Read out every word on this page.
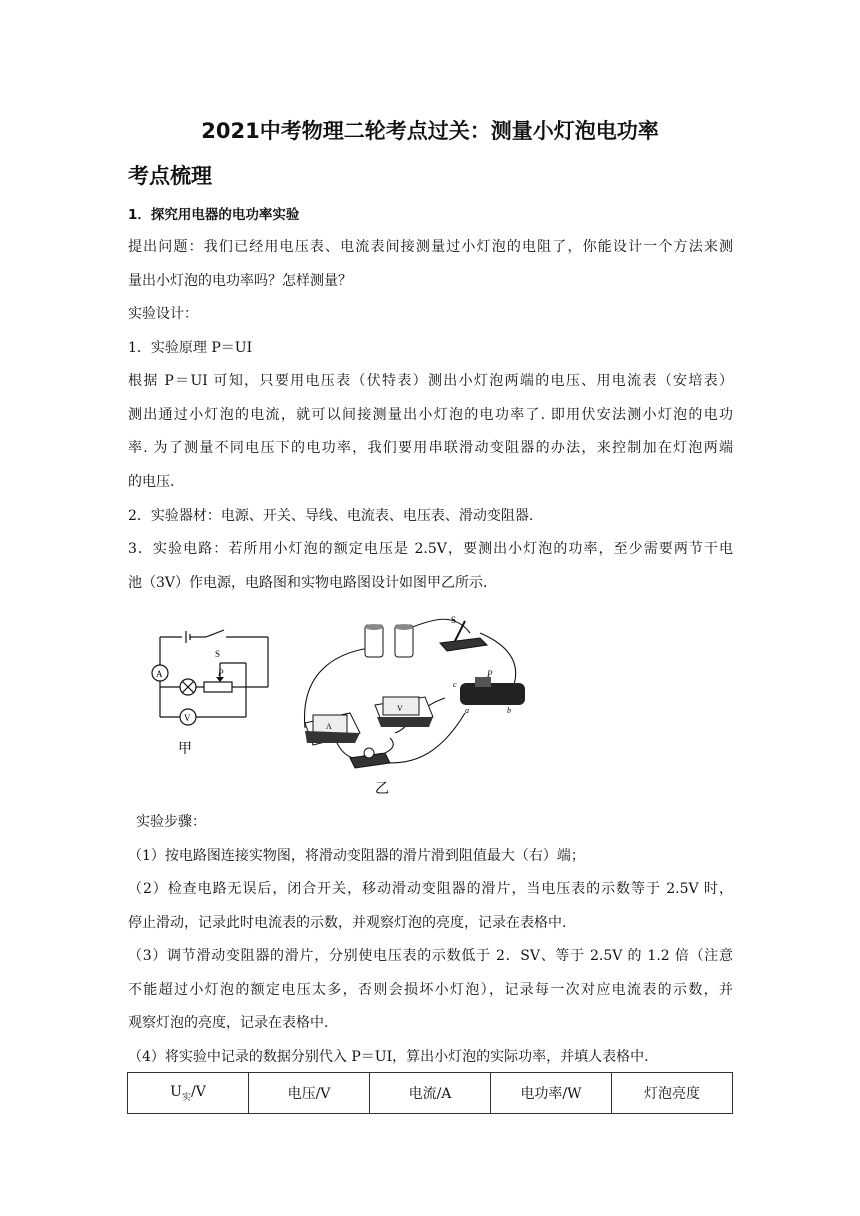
2021中考物理二轮考点过关：测量小灯泡电功率
考点梳理
1．探究用电器的电功率实验
提出问题：我们已经用电压表、电流表间接测量过小灯泡的电阻了，你能设计一个方法来测
量出小灯泡的电功率吗？怎样测量？
实验设计：
1．实验原理 P＝UI
根据 P＝UI 可知，只要用电压表（伏特表）测出小灯泡两端的电压、用电流表（安培表）
测出通过小灯泡的电流，就可以间接测量出小灯泡的电功率了. 即用伏安法测小灯泡的电功
率. 为了测量不同电压下的电功率，我们要用串联滑动变阻器的办法，来控制加在灯泡两端
的电压.
2．实验器材：电源、开关、导线、电流表、电压表、滑动变阻器.
3．实验电路：若所用小灯泡的额定电压是 2.5V，要测出小灯泡的功率，至少需要两节干电
池（3V）作电源，电路图和实物电路图设计如图甲乙所示.
S
A	P
V
甲
S
P
c
a	b
A
V
乙
实验步骤：
（1）按电路图连接实物图，将滑动变阻器的滑片滑到阻值最大（右）端；
（2）检查电路无误后，闭合开关，移动滑动变阻器的滑片，当电压表的示数等于 2.5V 时，
停止滑动，记录此时电流表的示数，并观察灯泡的亮度，记录在表格中.
（3）调节滑动变阻器的滑片，分别使电压表的示数低于 2．SV、等于 2.5V 的 1.2 倍（注意
不能超过小灯泡的额定电压太多，否则会损坏小灯泡），记录每一次对应电流表的示数，并
观察灯泡的亮度，记录在表格中.
（4）将实验中记录的数据分别代入 P＝UI，算出小灯泡的实际功率，并填人表格中.
$U_实/V$	电压/V	电流/A	电功率/W	灯泡亮度
